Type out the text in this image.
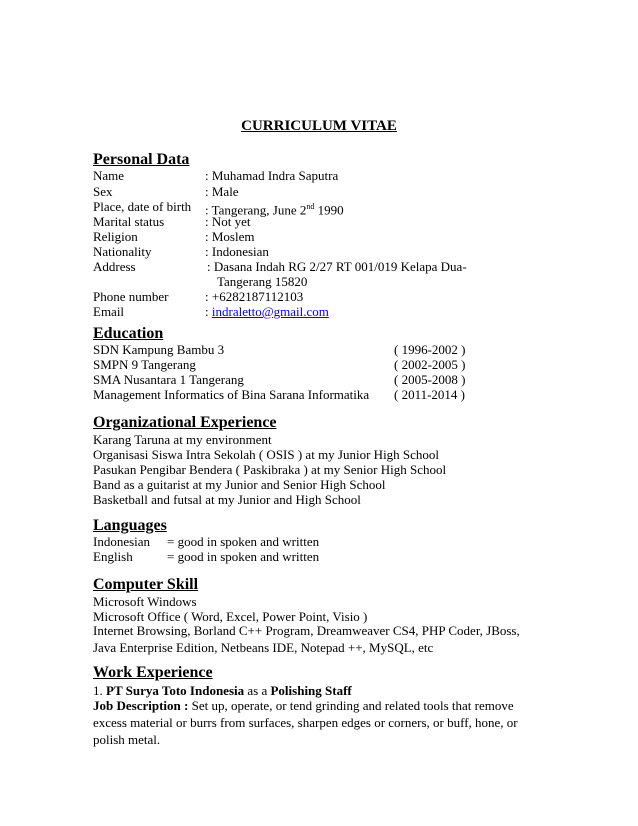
CURRICULUM VITAE
Personal Data
Name	: Muhamad Indra Saputra
Sex	: Male
Place, date of birth : Tangerang, June 2nd 1990
Marital status	: Not yet
Religion	: Moslem
Nationality	: Indonesian
Address	: Dasana Indah RG 2/27 RT 001/019 Kelapa Dua-
Tangerang 15820
Phone number	: +6282187112103
Email	: indraletto@gmail.com
Education
SDN Kampung Bambu 3	( 1996-2002 )
SMPN 9 Tangerang	( 2002-2005 )
SMA Nusantara 1 Tangerang	( 2005-2008 )
Management Informatics of Bina Sarana Informatika ( 2011-2014 )
Organizational Experience
Karang Taruna at my environment
Organisasi Siswa Intra Sekolah ( OSIS ) at my Junior High School
Pasukan Pengibar Bendera ( Paskibraka ) at my Senior High School
Band as a guitarist at my Junior and Senior High School
Basketball and futsal at my Junior and High School
Languages
Indonesian = good in spoken and written
English	= good in spoken and written
Computer Skill
Microsoft Windows
Microsoft Office ( Word, Excel, Power Point, Visio )
Internet Browsing, Borland C++ Program, Dreamweaver CS4, PHP Coder, JBoss, Java Enterprise Edition, Netbeans IDE, Notepad ++, MySQL, etc
Work Experience
1. PT Surya Toto Indonesia as a Polishing Staff
Job Description : Set up, operate, or tend grinding and related tools that remove excess material or burrs from surfaces, sharpen edges or corners, or buff, hone, or polish metal.
